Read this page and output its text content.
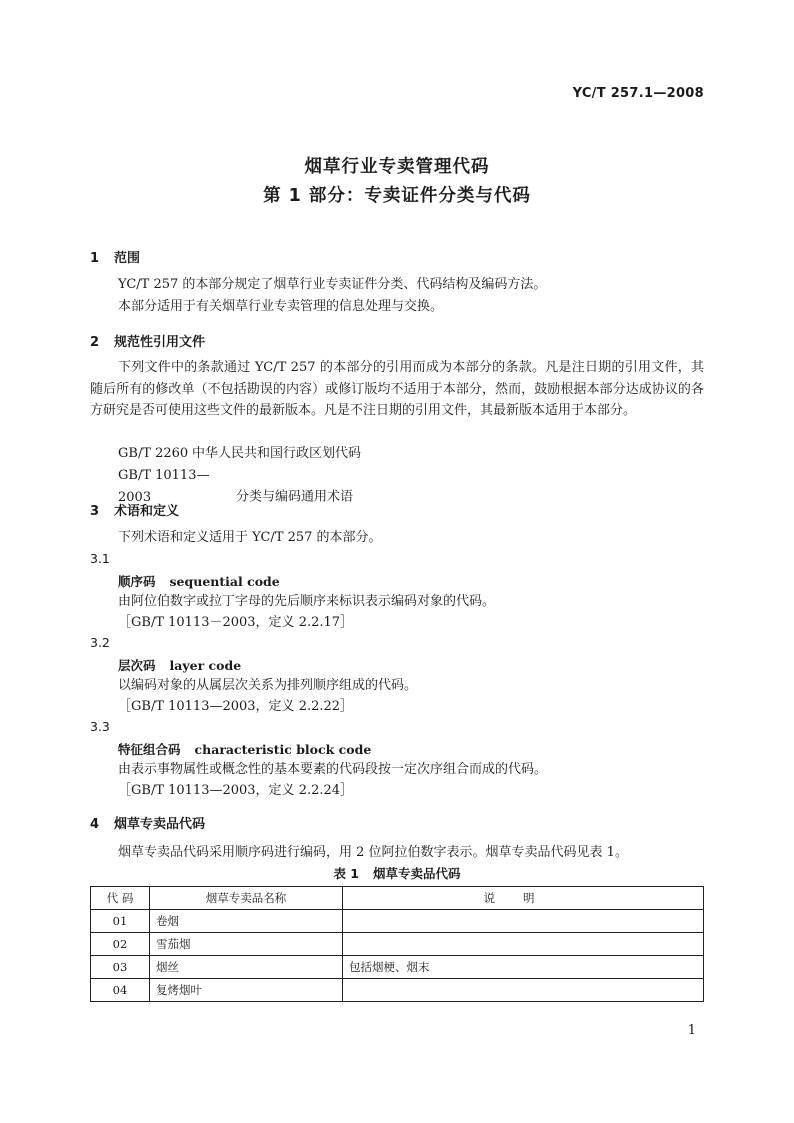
YC/T 257.1—2008
烟草行业专卖管理代码
第 1 部分：专卖证件分类与代码
1 范围
YC/T 257 的本部分规定了烟草行业专卖证件分类、代码结构及编码方法。
本部分适用于有关烟草行业专卖管理的信息处理与交换。
2 规范性引用文件
下列文件中的条款通过 YC/T 257 的本部分的引用而成为本部分的条款。凡是注日期的引用文件，其随后所有的修改单（不包括勘误的内容）或修订版均不适用于本部分，然而，鼓励根据本部分达成协议的各方研究是否可使用这些文件的最新版本。凡是不注日期的引用文件，其最新版本适用于本部分。
GB/T 2260 中华人民共和国行政区划代码
GB/T 10113—2003	分类与编码通用术语
3 术语和定义
下列术语和定义适用于 YC/T 257 的本部分。
3.1
顺序码 sequential code
由阿位伯数字或拉丁字母的先后顺序来标识表示编码对象的代码。
［GB/T 10113－2003，定义 2.2.17］
3.2
层次码 layer code
以编码对象的从属层次关系为排列顺序组成的代码。
［GB/T 10113—2003，定义 2.2.22］
3.3
特征组合码 characteristic block code
由表示事物属性或概念性的基本要素的代码段按一定次序组合而成的代码。
［GB/T 10113—2003，定义 2.2.24］
4 烟草专卖品代码
烟草专卖品代码采用顺序码进行编码，用 2 位阿拉伯数字表示。烟草专卖品代码见表 1。
表 1 烟草专卖品代码
代 码	烟草专卖品名称	说明
01	卷烟	
02	雪茄烟	
03	烟丝	包括烟梗、烟末
04	复烤烟叶	
1
